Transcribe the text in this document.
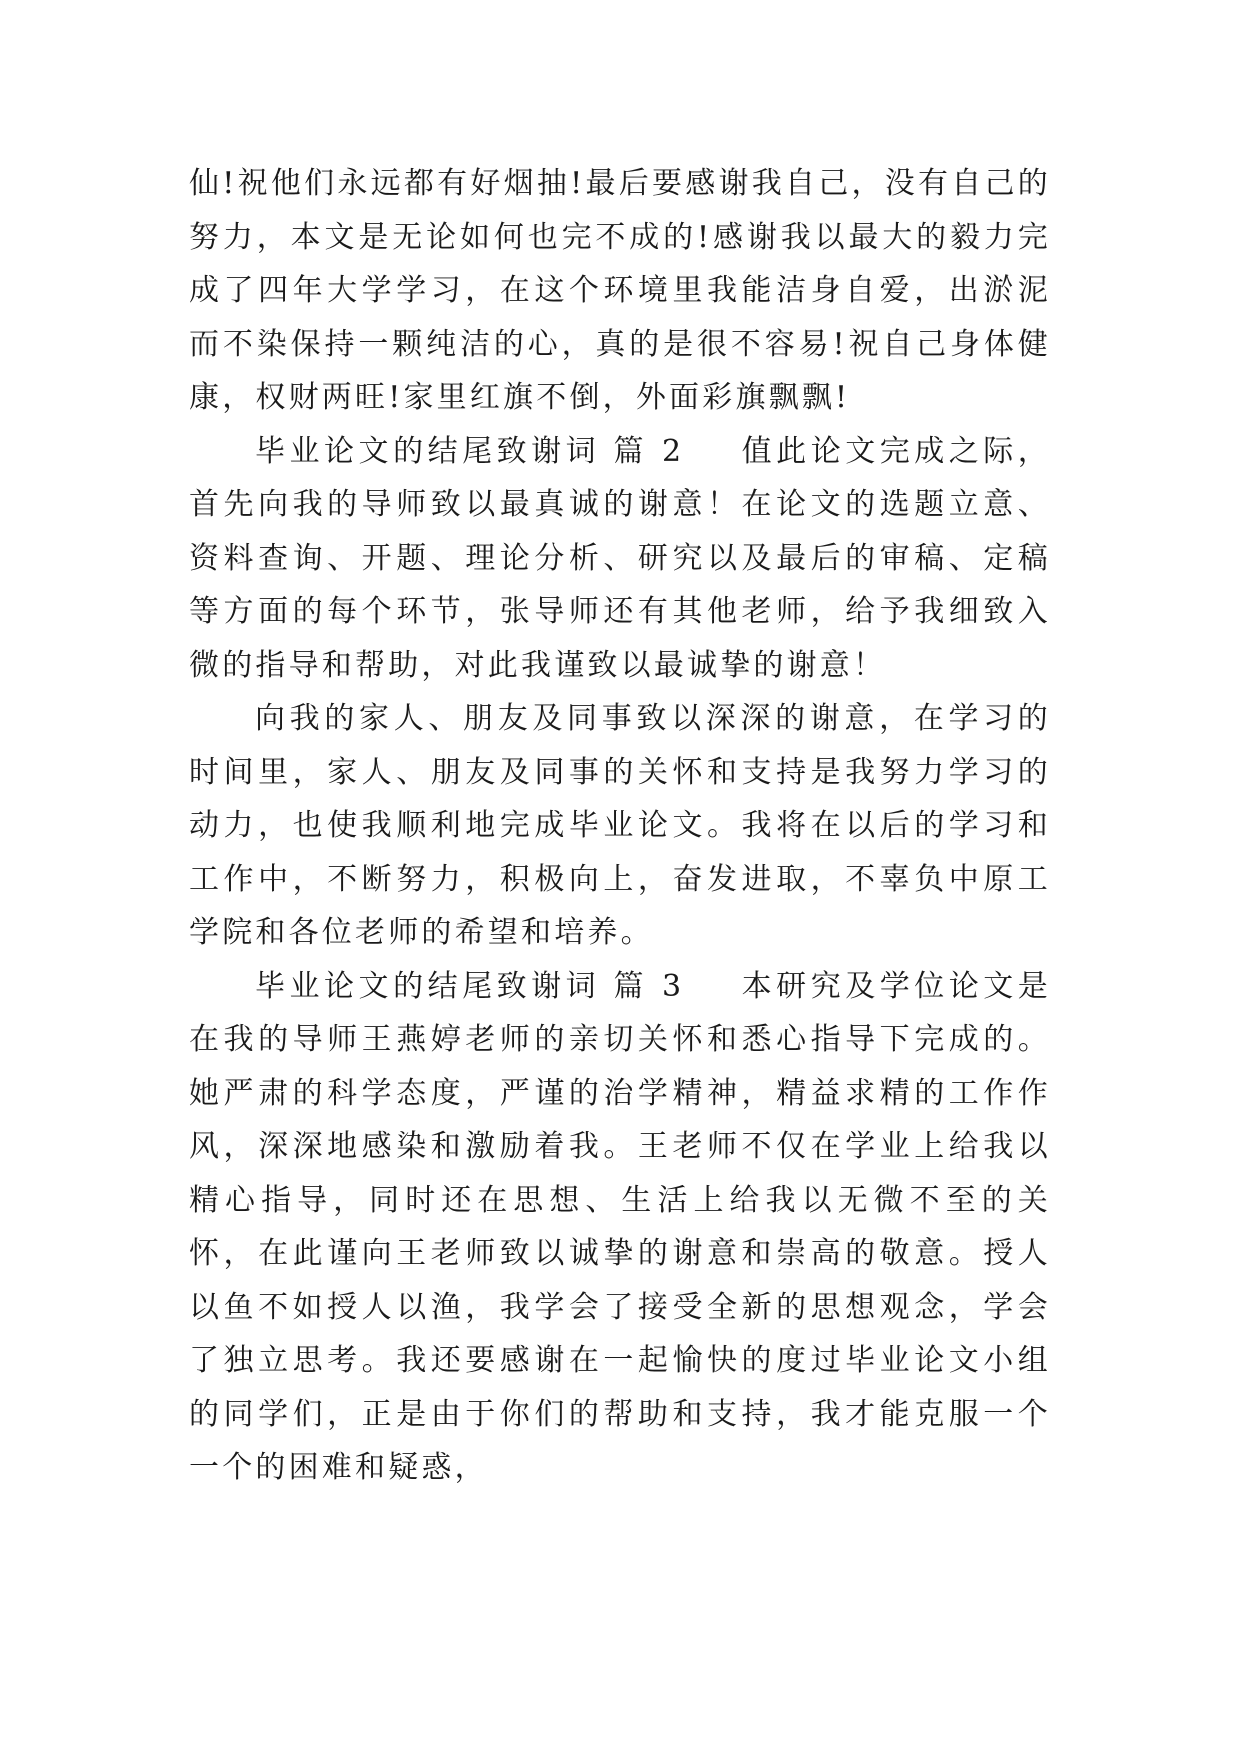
仙!祝他们永远都有好烟抽!最后要感谢我自己，没有自己的努力，本文是无论如何也完不成的!感谢我以最大的毅力完成了四年大学学习，在这个环境里我能洁身自爱，出淤泥而不染保持一颗纯洁的心，真的是很不容易!祝自己身体健康，权财两旺!家里红旗不倒，外面彩旗飘飘!

毕业论文的结尾致谢词 篇 2 值此论文完成之际，首先向我的导师致以最真诚的谢意！在论文的选题立意、资料查询、开题、理论分析、研究以及最后的审稿、定稿等方面的每个环节，张导师还有其他老师，给予我细致入微的指导和帮助，对此我谨致以最诚挚的谢意！

向我的家人、朋友及同事致以深深的谢意，在学习的时间里，家人、朋友及同事的关怀和支持是我努力学习的动力，也使我顺利地完成毕业论文。我将在以后的学习和工作中，不断努力，积极向上，奋发进取，不辜负中原工学院和各位老师的希望和培养。

毕业论文的结尾致谢词 篇 3 本研究及学位论文是在我的导师王燕婷老师的亲切关怀和悉心指导下完成的。她严肃的科学态度，严谨的治学精神，精益求精的工作作风，深深地感染和激励着我。王老师不仅在学业上给我以精心指导，同时还在思想、生活上给我以无微不至的关怀，在此谨向王老师致以诚挚的谢意和崇高的敬意。授人以鱼不如授人以渔，我学会了接受全新的思想观念，学会了独立思考。我还要感谢在一起愉快的度过毕业论文小组的同学们，正是由于你们的帮助和支持，我才能克服一个一个的困难和疑惑，
